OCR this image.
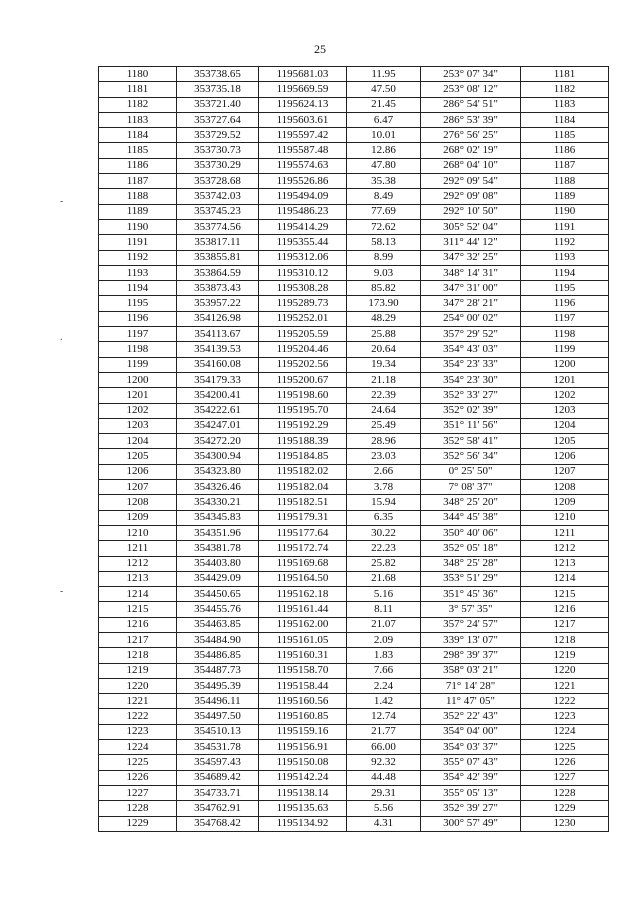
25
-
.
-
1180	353738.65	1195681.03	11.95	253° 07' 34"	1181
1181	353735.18	1195669.59	47.50	253° 08' 12"	1182
1182	353721.40	1195624.13	21.45	286° 54' 51"	1183
1183	353727.64	1195603.61	6.47	286° 53' 39"	1184
1184	353729.52	1195597.42	10.01	276° 56' 25"	1185
1185	353730.73	1195587.48	12.86	268° 02' 19"	1186
1186	353730.29	1195574.63	47.80	268° 04' 10"	1187
1187	353728.68	1195526.86	35.38	292° 09' 54"	1188
1188	353742.03	1195494.09	8.49	292° 09' 08"	1189
1189	353745.23	1195486.23	77.69	292° 10' 50"	1190
1190	353774.56	1195414.29	72.62	305° 52' 04"	1191
1191	353817.11	1195355.44	58.13	311° 44' 12"	1192
1192	353855.81	1195312.06	8.99	347° 32' 25"	1193
1193	353864.59	1195310.12	9.03	348° 14' 31"	1194
1194	353873.43	1195308.28	85.82	347° 31' 00"	1195
1195	353957.22	1195289.73	173.90	347° 28' 21"	1196
1196	354126.98	1195252.01	48.29	254° 00' 02"	1197
1197	354113.67	1195205.59	25.88	357° 29' 52"	1198
1198	354139.53	1195204.46	20.64	354° 43' 03"	1199
1199	354160.08	1195202.56	19.34	354° 23' 33"	1200
1200	354179.33	1195200.67	21.18	354° 23' 30"	1201
1201	354200.41	1195198.60	22.39	352° 33' 27"	1202
1202	354222.61	1195195.70	24.64	352° 02' 39"	1203
1203	354247.01	1195192.29	25.49	351° 11' 56"	1204
1204	354272.20	1195188.39	28.96	352° 58' 41"	1205
1205	354300.94	1195184.85	23.03	352° 56' 34"	1206
1206	354323.80	1195182.02	2.66	0° 25' 50"	1207
1207	354326.46	1195182.04	3.78	7° 08' 37"	1208
1208	354330.21	1195182.51	15.94	348° 25' 20"	1209
1209	354345.83	1195179.31	6.35	344° 45' 38"	1210
1210	354351.96	1195177.64	30.22	350° 40' 06"	1211
1211	354381.78	1195172.74	22.23	352° 05' 18"	1212
1212	354403.80	1195169.68	25.82	348° 25' 28"	1213
1213	354429.09	1195164.50	21.68	353° 51' 29"	1214
1214	354450.65	1195162.18	5.16	351° 45' 36"	1215
1215	354455.76	1195161.44	8.11	3° 57' 35"	1216
1216	354463.85	1195162.00	21.07	357° 24' 57"	1217
1217	354484.90	1195161.05	2.09	339° 13' 07"	1218
1218	354486.85	1195160.31	1.83	298° 39' 37"	1219
1219	354487.73	1195158.70	7.66	358° 03' 21"	1220
1220	354495.39	1195158.44	2.24	71° 14' 28"	1221
1221	354496.11	1195160.56	1.42	11° 47' 05"	1222
1222	354497.50	1195160.85	12.74	352° 22' 43"	1223
1223	354510.13	1195159.16	21.77	354° 04' 00"	1224
1224	354531.78	1195156.91	66.00	354° 03' 37"	1225
1225	354597.43	1195150.08	92.32	355° 07' 43"	1226
1226	354689.42	1195142.24	44.48	354° 42' 39"	1227
1227	354733.71	1195138.14	29.31	355° 05' 13"	1228
1228	354762.91	1195135.63	5.56	352° 39' 27"	1229
1229	354768.42	1195134.92	4.31	300° 57' 49"	1230
